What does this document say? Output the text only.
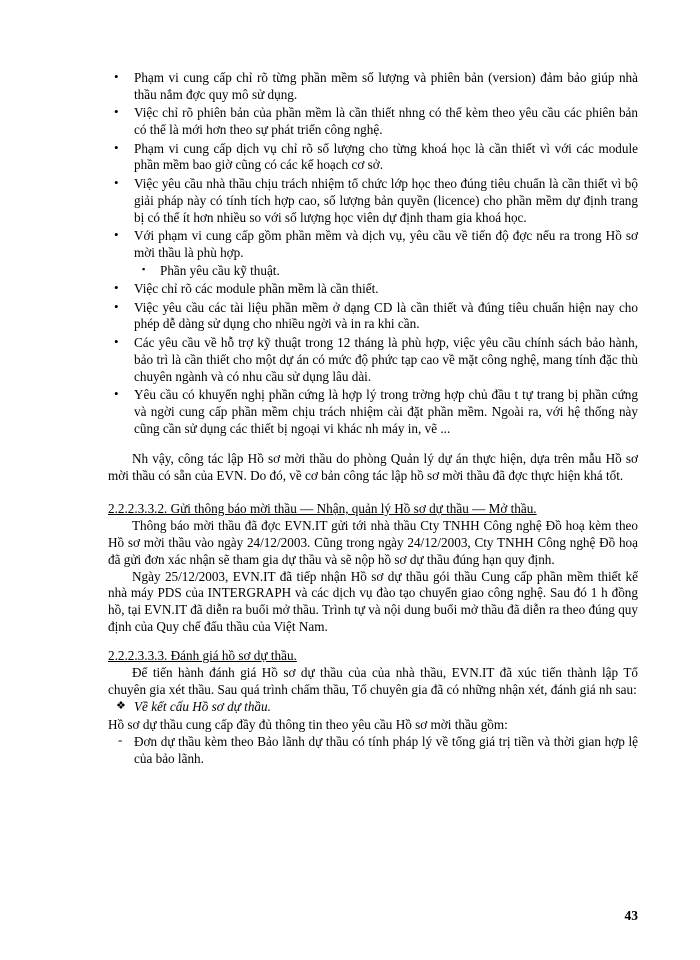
• Phạm vi cung cấp chỉ rõ từng phần mềm số lượng và phiên bản (version) đảm bảo giúp nhà thầu nắm đợc quy mô sử dụng.
• Việc chỉ rõ phiên bản của phần mềm là cần thiết nhng có thể kèm theo yêu cầu các phiên bản có thể là mới hơn theo sự phát triển công nghệ.
• Phạm vi cung cấp dịch vụ chỉ rõ số lượng cho từng khoá học là cần thiết vì với các module phần mềm bao giờ cũng có các kế hoạch cơ sở.
• Việc yêu cầu nhà thầu chịu trách nhiệm tổ chức lớp học theo đúng tiêu chuẩn là cần thiết vì bộ giải pháp này có tính tích hợp cao, số lượng bản quyền (licence) cho phần mềm dự định trang bị có thể ít hơn nhiều so với số lượng học viên dự định tham gia khoá học.
• Với phạm vi cung cấp gồm phần mềm và dịch vụ, yêu cầu về tiến độ đợc nếu ra trong Hồ sơ mời thầu là phù hợp.
▪ Phần yêu cầu kỹ thuật.
• Việc chỉ rõ các module phần mềm là cần thiết.
• Việc yêu cầu các tài liệu phần mềm ở dạng CD là cần thiết và đúng tiêu chuẩn hiện nay cho phép dễ dàng sử dụng cho nhiều ngời và in ra khi cần.
• Các yêu cầu về hỗ trợ kỹ thuật trong 12 tháng là phù hợp, việc yêu cầu chính sách bảo hành, bảo trì là cần thiết cho một dự án có mức độ phức tạp cao về mặt công nghệ, mang tính đặc thù chuyên ngành và có nhu cầu sử dụng lâu dài.
• Yêu cầu có khuyến nghị phần cứng là hợp lý trong trờng hợp chủ đầu t tự trang bị phần cứng và ngời cung cấp phần mềm chịu trách nhiệm cài đặt phần mềm. Ngoài ra, với hệ thống này cũng cần sử dụng các thiết bị ngoại vi khác nh máy in, vẽ ...

Nh vậy, công tác lập Hồ sơ mời thầu do phòng Quản lý dự án thực hiện, dựa trên mẫu Hồ sơ mời thầu có sẵn của EVN. Do đó, về cơ bản công tác lập hồ sơ mời thầu đã đợc thực hiện khá tốt.

2.2.2.3.3.2. Gửi thông báo mời thầu — Nhận, quản lý Hồ sơ dự thầu — Mở thầu.

Thông báo mời thầu đã đợc EVN.IT gửi tới nhà thầu Cty TNHH Công nghệ Đồ hoạ kèm theo Hồ sơ mời thầu vào ngày 24/12/2003. Cũng trong ngày 24/12/2003, Cty TNHH Công nghệ Đồ hoạ đã gửi đơn xác nhận sẽ tham gia dự thầu và sẽ nộp hồ sơ dự thầu đúng hạn quy định.

Ngày 25/12/2003, EVN.IT đã tiếp nhận Hồ sơ dự thầu gói thầu Cung cấp phần mềm thiết kế nhà máy PDS của INTERGRAPH và các dịch vụ đào tạo chuyển giao công nghệ. Sau đó 1 h đồng hồ, tại EVN.IT đã diễn ra buổi mở thầu. Trình tự và nội dung buổi mở thầu đã diễn ra theo đúng quy định của Quy chế đấu thầu của Việt Nam.

2.2.2.3.3.3. Đánh giá hồ sơ dự thầu.

Để tiến hành đánh giá Hồ sơ dự thầu của của nhà thầu, EVN.IT đã xúc tiến thành lập Tổ chuyên gia xét thầu. Sau quá trình chấm thầu, Tổ chuyên gia đã có những nhận xét, đánh giá nh sau:

❖ Về kết cấu Hồ sơ dự thầu.

Hồ sơ dự thầu cung cấp đầy đủ thông tin theo yêu cầu Hồ sơ mời thầu gồm:

‐ Đơn dự thầu kèm theo Bảo lãnh dự thầu có tính pháp lý về tổng giá trị tiền và thời gian hợp lệ của bảo lãnh.
43
